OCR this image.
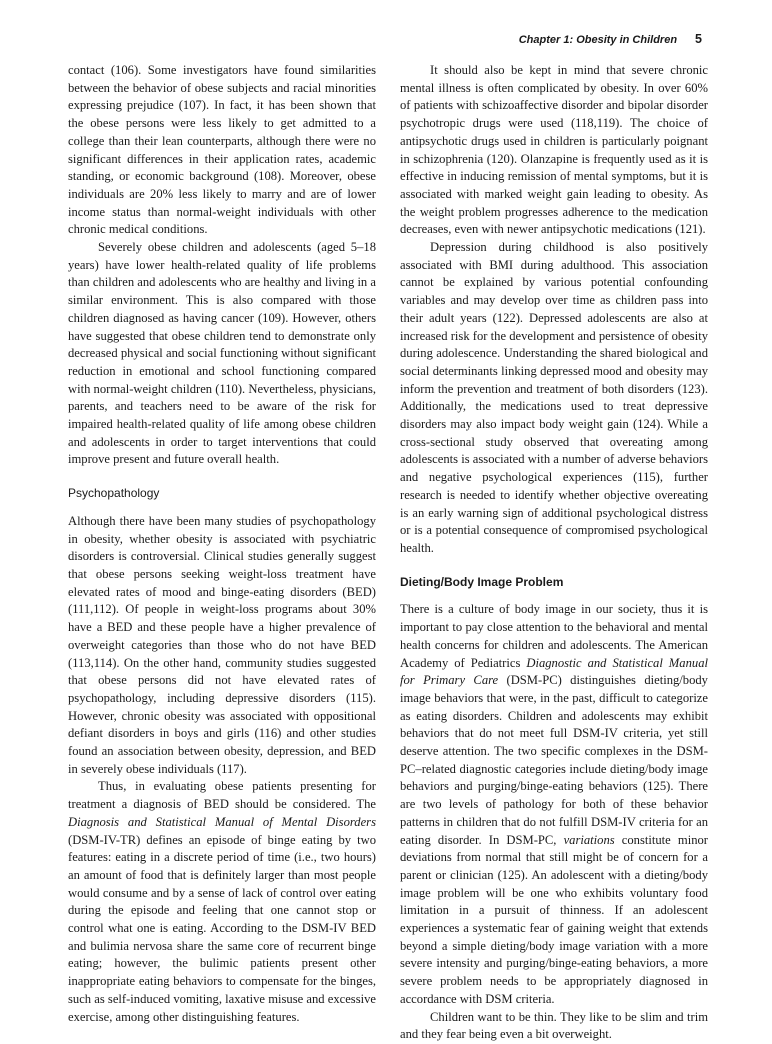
Chapter 1: Obesity in Children 5

contact (106). Some investigators have found similarities between the behavior of obese subjects and racial minorities expressing prejudice (107). In fact, it has been shown that the obese persons were less likely to get admitted to a college than their lean counterparts, although there were no significant differences in their application rates, academic standing, or economic background (108). Moreover, obese individuals are 20% less likely to marry and are of lower income status than normal-weight individuals with other chronic medical conditions.

Severely obese children and adolescents (aged 5–18 years) have lower health-related quality of life problems than children and adolescents who are healthy and living in a similar environment. This is also compared with those children diagnosed as having cancer (109). However, others have suggested that obese children tend to demonstrate only decreased physical and social functioning without significant reduction in emotional and school functioning compared with normal-weight children (110). Nevertheless, physicians, parents, and teachers need to be aware of the risk for impaired health-related quality of life among obese children and adolescents in order to target interventions that could improve present and future overall health.

Psychopathology

Although there have been many studies of psychopathology in obesity, whether obesity is associated with psychiatric disorders is controversial. Clinical studies generally suggest that obese persons seeking weight-loss treatment have elevated rates of mood and binge-eating disorders (BED) (111,112). Of people in weight-loss programs about 30% have a BED and these people have a higher prevalence of overweight categories than those who do not have BED (113,114). On the other hand, community studies suggested that obese persons did not have elevated rates of psychopathology, including depressive disorders (115). However, chronic obesity was associated with oppositional defiant disorders in boys and girls (116) and other studies found an association between obesity, depression, and BED in severely obese individuals (117).

Thus, in evaluating obese patients presenting for treatment a diagnosis of BED should be considered. The Diagnosis and Statistical Manual of Mental Disorders (DSM-IV-TR) defines an episode of binge eating by two features: eating in a discrete period of time (i.e., two hours) an amount of food that is definitely larger than most people would consume and by a sense of lack of control over eating during the episode and feeling that one cannot stop or control what one is eating. According to the DSM-IV BED and bulimia nervosa share the same core of recurrent binge eating; however, the bulimic patients present other inappropriate eating behaviors to compensate for the binges, such as self-induced vomiting, laxative misuse and excessive exercise, among other distinguishing features.

It should also be kept in mind that severe chronic mental illness is often complicated by obesity. In over 60% of patients with schizoaffective disorder and bipolar disorder psychotropic drugs were used (118,119). The choice of antipsychotic drugs used in children is particularly poignant in schizophrenia (120). Olanzapine is frequently used as it is effective in inducing remission of mental symptoms, but it is associated with marked weight gain leading to obesity. As the weight problem progresses adherence to the medication decreases, even with newer antipsychotic medications (121).

Depression during childhood is also positively associated with BMI during adulthood. This association cannot be explained by various potential confounding variables and may develop over time as children pass into their adult years (122). Depressed adolescents are also at increased risk for the development and persistence of obesity during adolescence. Understanding the shared biological and social determinants linking depressed mood and obesity may inform the prevention and treatment of both disorders (123). Additionally, the medications used to treat depressive disorders may also impact body weight gain (124). While a cross-sectional study observed that overeating among adolescents is associated with a number of adverse behaviors and negative psychological experiences (115), further research is needed to identify whether objective overeating is an early warning sign of additional psychological distress or is a potential consequence of compromised psychological health.

Dieting/Body Image Problem

There is a culture of body image in our society, thus it is important to pay close attention to the behavioral and mental health concerns for children and adolescents. The American Academy of Pediatrics Diagnostic and Statistical Manual for Primary Care (DSM-PC) distinguishes dieting/body image behaviors that were, in the past, difficult to categorize as eating disorders. Children and adolescents may exhibit behaviors that do not meet full DSM-IV criteria, yet still deserve attention. The two specific complexes in the DSM-PC–related diagnostic categories include dieting/body image behaviors and purging/binge-eating behaviors (125). There are two levels of pathology for both of these behavior patterns in children that do not fulfill DSM-IV criteria for an eating disorder. In DSM-PC, variations constitute minor deviations from normal that still might be of concern for a parent or clinician (125). An adolescent with a dieting/body image problem will be one who exhibits voluntary food limitation in a pursuit of thinness. If an adolescent experiences a systematic fear of gaining weight that extends beyond a simple dieting/body image variation with a more severe intensity and purging/binge-eating behaviors, a more severe problem needs to be appropriately diagnosed in accordance with DSM criteria.

Children want to be thin. They like to be slim and trim and they fear being even a bit overweight.
